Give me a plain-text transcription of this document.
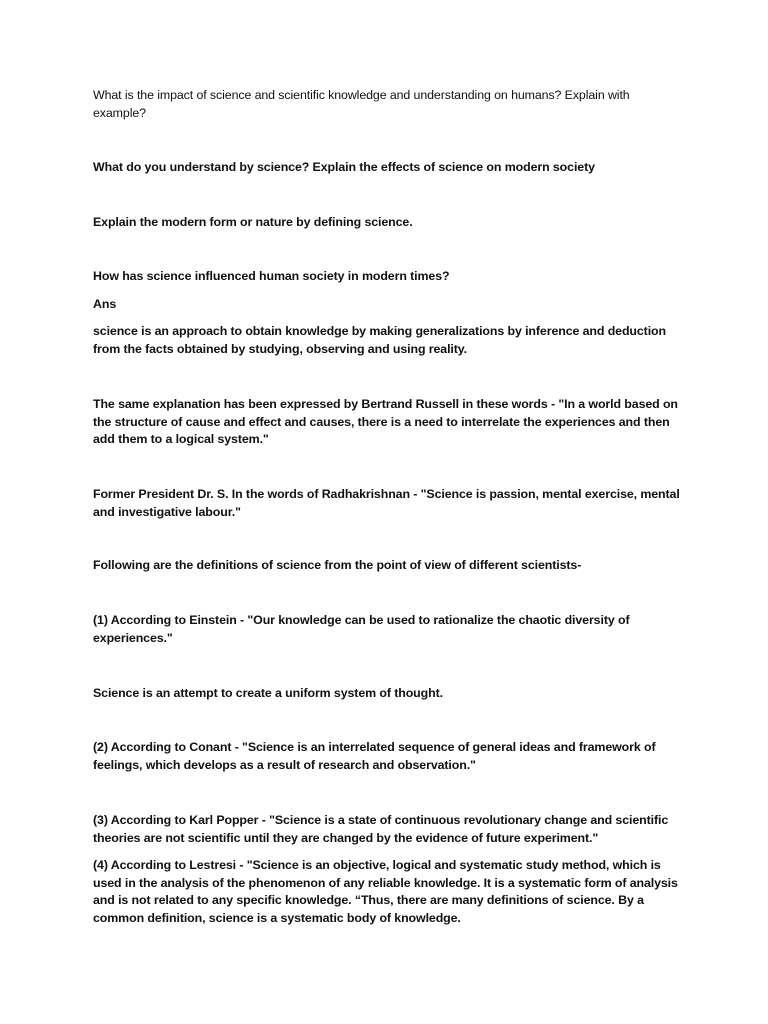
What is the impact of science and scientific knowledge and understanding on humans? Explain with example?

What do you understand by science? Explain the effects of science on modern society

Explain the modern form or nature by defining science.

How has science influenced human society in modern times?

Ans

science is an approach to obtain knowledge by making generalizations by inference and deduction from the facts obtained by studying, observing and using reality.

The same explanation has been expressed by Bertrand Russell in these words - "In a world based on the structure of cause and effect and causes, there is a need to interrelate the experiences and then add them to a logical system."

Former President Dr. S. In the words of Radhakrishnan - "Science is passion, mental exercise, mental and investigative labour."

Following are the definitions of science from the point of view of different scientists-

(1) According to Einstein - "Our knowledge can be used to rationalize the chaotic diversity of experiences."

Science is an attempt to create a uniform system of thought.

(2) According to Conant - "Science is an interrelated sequence of general ideas and framework of feelings, which develops as a result of research and observation."

(3) According to Karl Popper - "Science is a state of continuous revolutionary change and scientific theories are not scientific until they are changed by the evidence of future experiment."

(4) According to Lestresi - "Science is an objective, logical and systematic study method, which is used in the analysis of the phenomenon of any reliable knowledge. It is a systematic form of analysis and is not related to any specific knowledge. “Thus, there are many definitions of science. By a common definition, science is a systematic body of knowledge.
